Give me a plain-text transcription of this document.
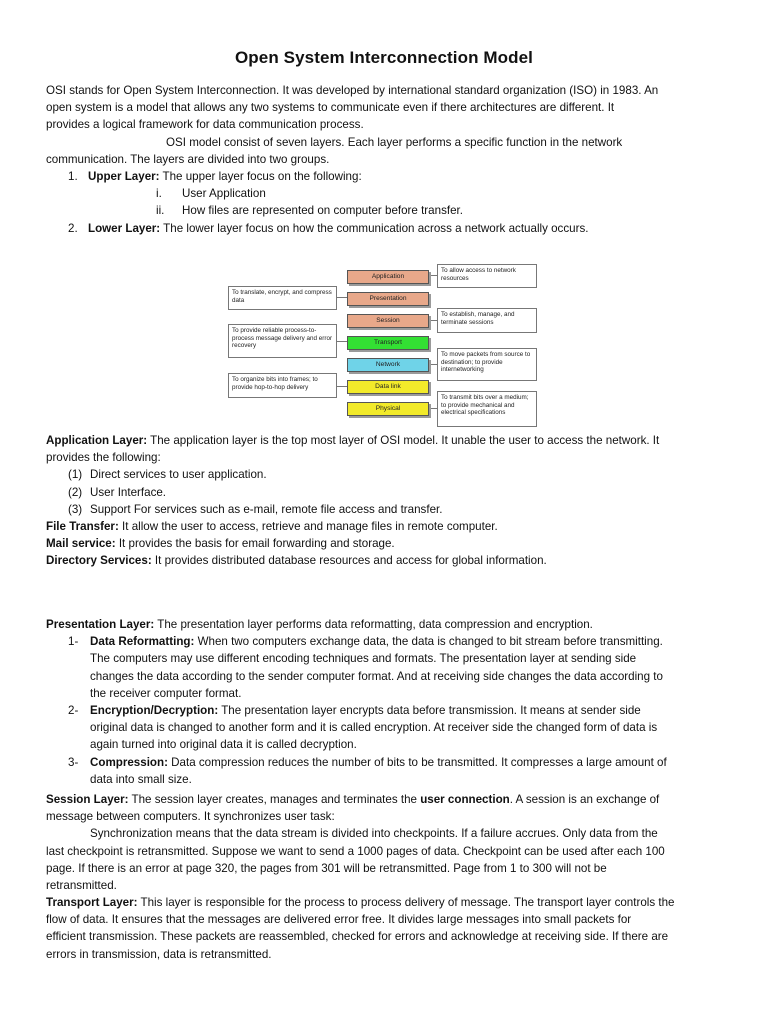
Open System Interconnection Model
OSI stands for Open System Interconnection. It was developed by international standard organization (ISO) in 1983. An
open system is a model that allows any two systems to communicate even if there architectures are different. It
provides a logical framework for data communication process.
OSI model consist of seven layers. Each layer performs a specific function in the network
communication. The layers are divided into two groups.
1. Upper Layer: The upper layer focus on the following:
i. User Application
ii. How files are represented on computer before transfer.
2. Lower Layer: The lower layer focus on how the communication across a network actually occurs.
Application
Presentation
Session
Transport
Network
Data link
Physical
To translate, encrypt, and compress data
To provide reliable process-to-process message delivery and error recovery
To organize bits into frames; to provide hop-to-hop delivery
To allow access to network resources
To establish, manage, and terminate sessions
To move packets from source to destination; to provide internetworking
To transmit bits over a medium; to provide mechanical and electrical specifications
Application Layer: The application layer is the top most layer of OSI model. It unable the user to access the network. It
provides the following:
(1) Direct services to user application.
(2) User Interface.
(3) Support For services such as e-mail, remote file access and transfer.
File Transfer: It allow the user to access, retrieve and manage files in remote computer.
Mail service: It provides the basis for email forwarding and storage.
Directory Services: It provides distributed database resources and access for global information.
Presentation Layer: The presentation layer performs data reformatting, data compression and encryption.
1- Data Reformatting: When two computers exchange data, the data is changed to bit stream before transmitting.
The computers may use different encoding techniques and formats. The presentation layer at sending side
changes the data according to the sender computer format. And at receiving side changes the data according to
the receiver computer format.
2- Encryption/Decryption: The presentation layer encrypts data before transmission. It means at sender side
original data is changed to another form and it is called encryption. At receiver side the changed form of data is
again turned into original data it is called decryption.
3- Compression: Data compression reduces the number of bits to be transmitted. It compresses a large amount of
data into small size.
Session Layer: The session layer creates, manages and terminates the user connection. A session is an exchange of
message between computers. It synchronizes user task:
Synchronization means that the data stream is divided into checkpoints. If a failure accrues. Only data from the
last checkpoint is retransmitted. Suppose we want to send a 1000 pages of data. Checkpoint can be used after each 100
page. If there is an error at page 320, the pages from 301 will be retransmitted. Page from 1 to 300 will not be
retransmitted.
Transport Layer: This layer is responsible for the process to process delivery of message. The transport layer controls the
flow of data. It ensures that the messages are delivered error free. It divides large messages into small packets for
efficient transmission. These packets are reassembled, checked for errors and acknowledge at receiving side. If there are
errors in transmission, data is retransmitted.
